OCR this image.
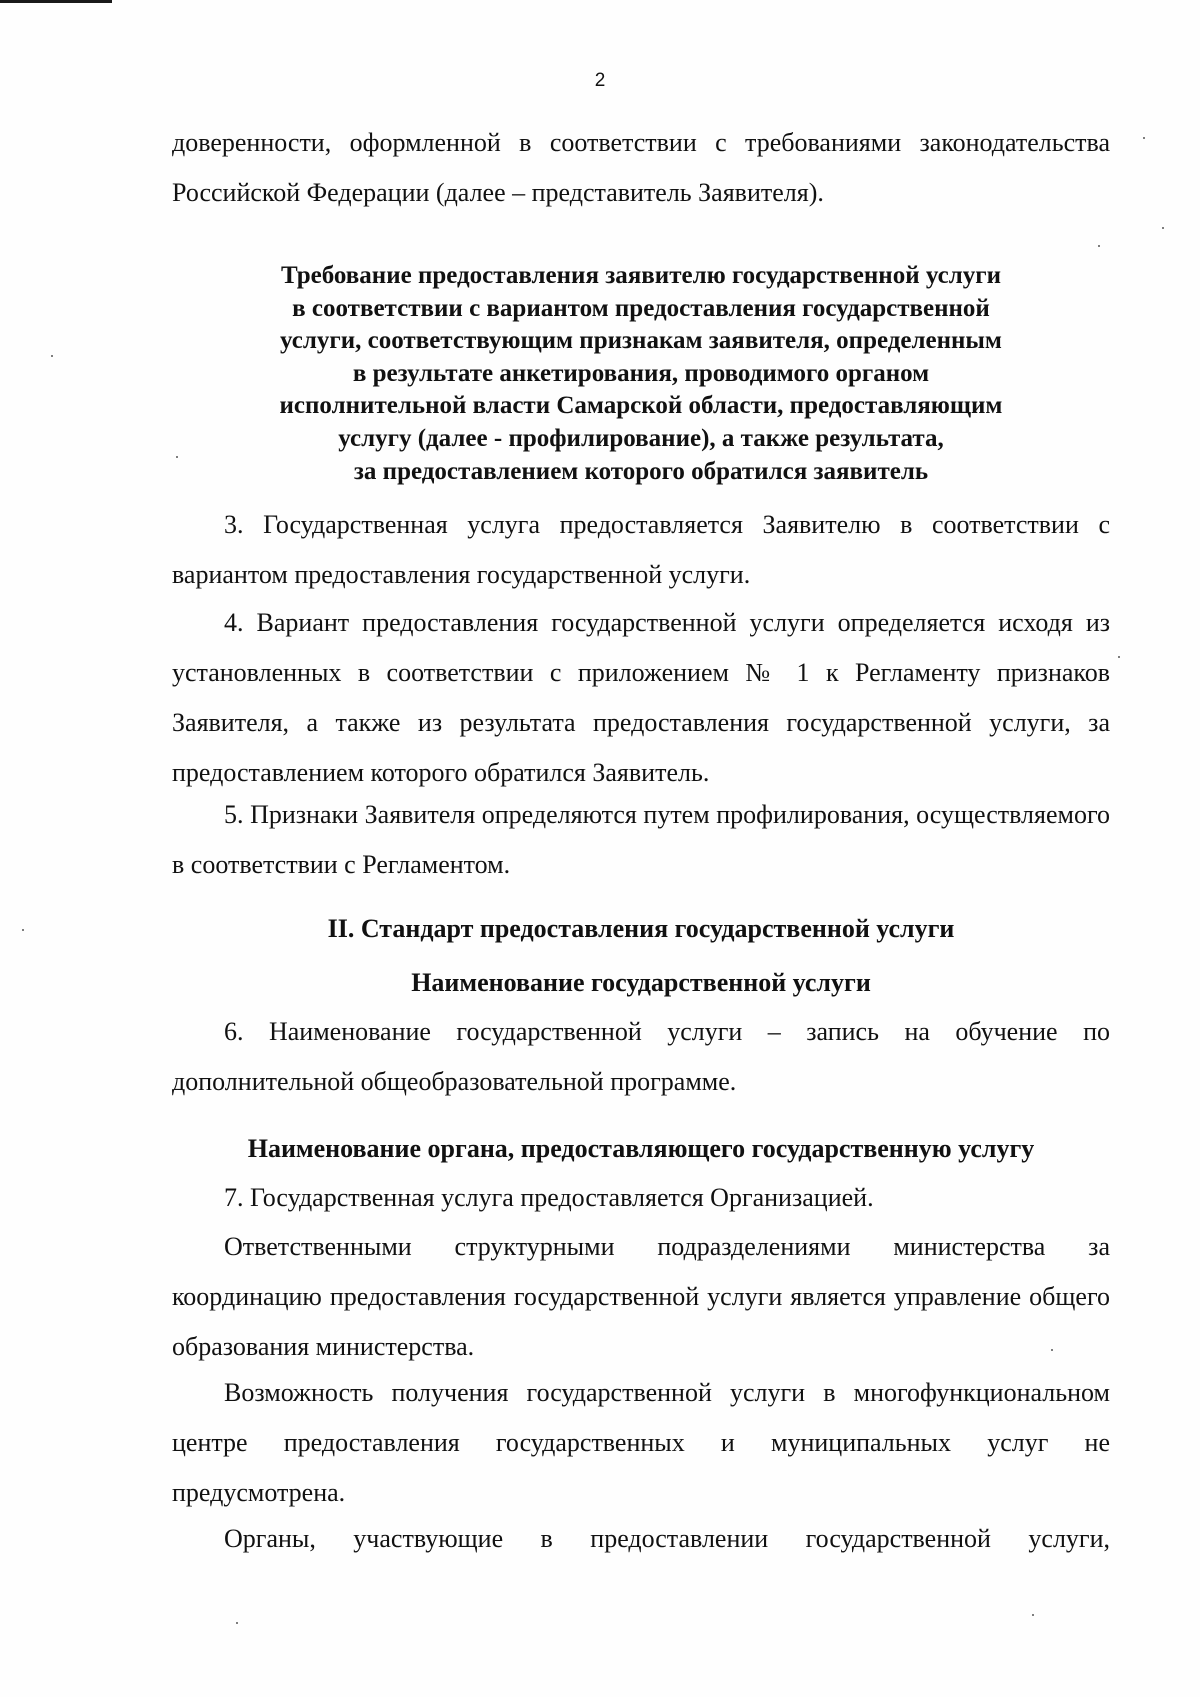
2

доверенности, оформленной в соответствии с требованиями законодательства Российской Федерации (далее – представитель Заявителя).

Требование предоставления заявителю государственной услуги
в соответствии с вариантом предоставления государственной
услуги, соответствующим признакам заявителя, определенным
в результате анкетирования, проводимого органом
исполнительной власти Самарской области, предоставляющим
услугу (далее - профилирование), а также результата,
за предоставлением которого обратился заявитель

3. Государственная услуга предоставляется Заявителю в соответствии с вариантом предоставления государственной услуги.

4. Вариант предоставления государственной услуги определяется исходя из установленных в соответствии с приложением № 1 к Регламенту признаков Заявителя, а также из результата предоставления государственной услуги, за предоставлением которого обратился Заявитель.

5. Признаки Заявителя определяются путем профилирования, осуществляемого в соответствии с Регламентом.

II. Стандарт предоставления государственной услуги

Наименование государственной услуги

6. Наименование государственной услуги – запись на обучение по дополнительной общеобразовательной программе.

Наименование органа, предоставляющего государственную услугу

7. Государственная услуга предоставляется Организацией.

Ответственными структурными подразделениями министерства за координацию предоставления государственной услуги является управление общего образования министерства.

Возможность получения государственной услуги в многофункциональном центре предоставления государственных и муниципальных услуг не предусмотрена.

Органы, участвующие в предоставлении государственной услуги,
